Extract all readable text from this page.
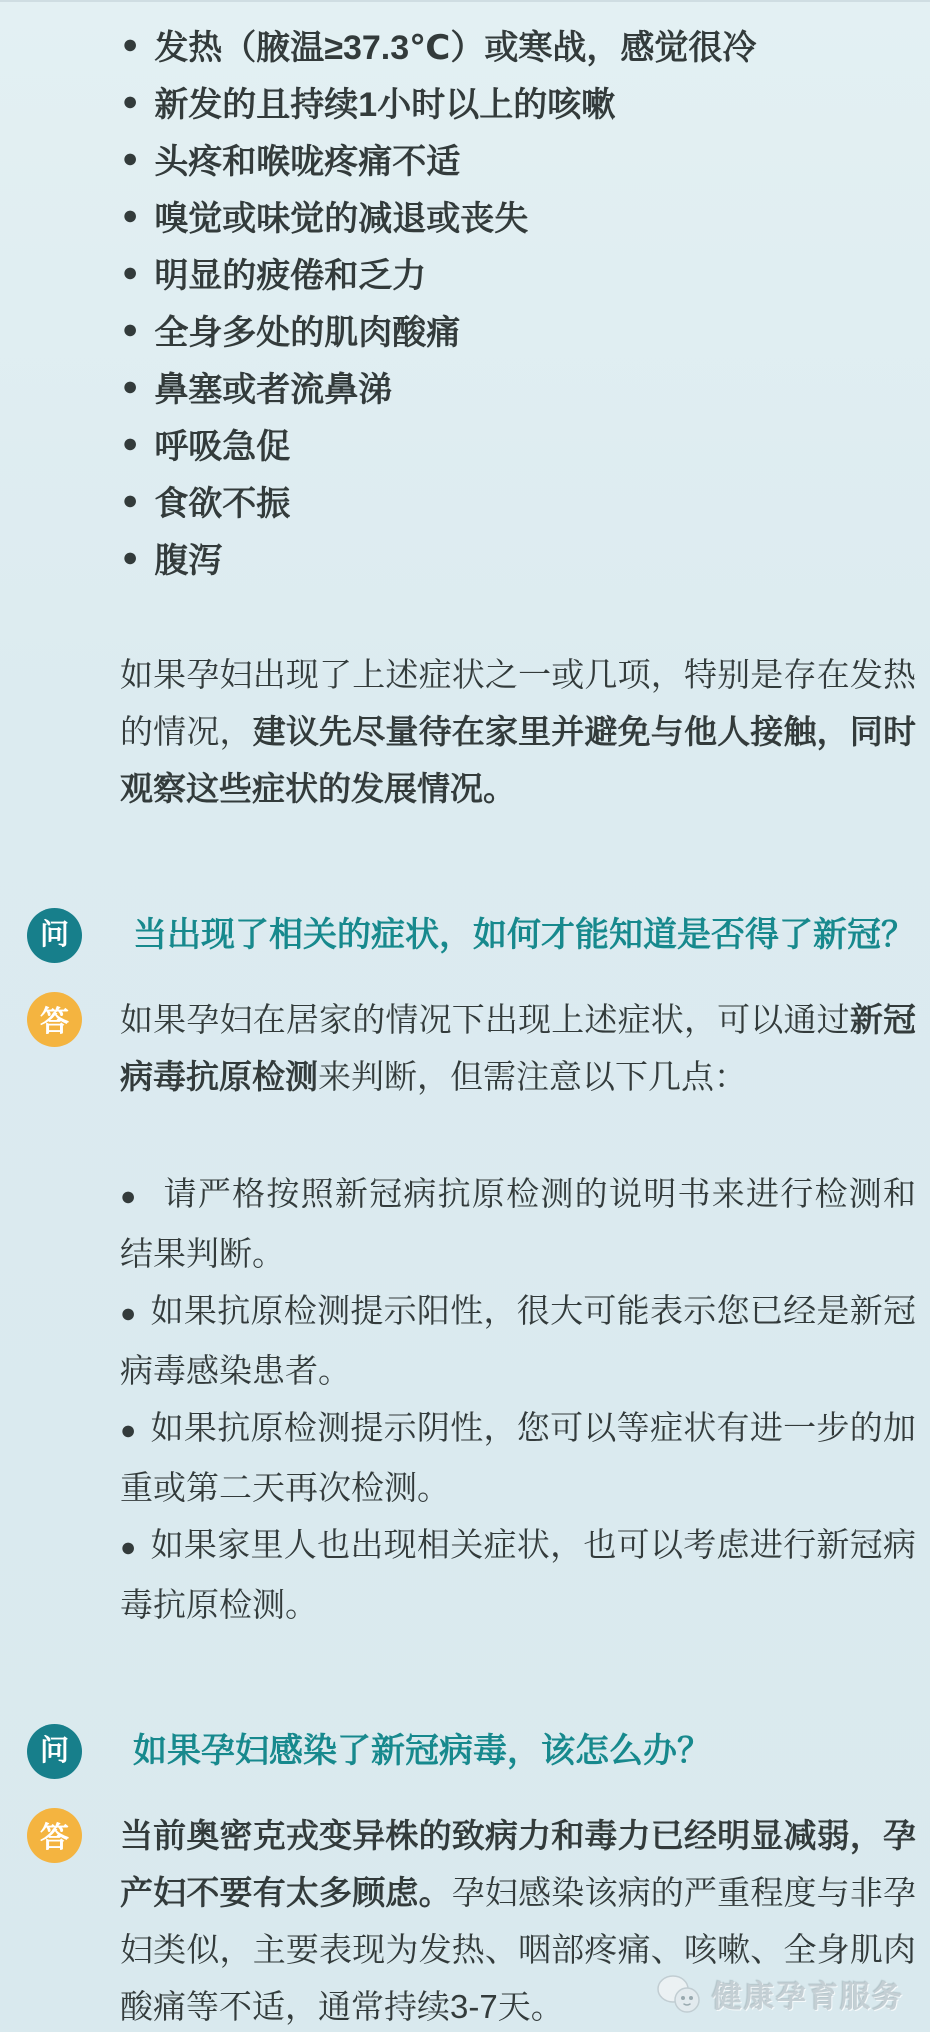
● 发热（腋温≥37.3℃）或寒战，感觉很冷
● 新发的且持续1小时以上的咳嗽
● 头疼和喉咙疼痛不适
● 嗅觉或味觉的减退或丧失
● 明显的疲倦和乏力
● 全身多处的肌肉酸痛
● 鼻塞或者流鼻涕
● 呼吸急促
● 食欲不振
● 腹泻

如果孕妇出现了上述症状之一或几项，特别是存在发热的情况，建议先尽量待在家里并避免与他人接触，同时观察这些症状的发展情况。

问	当出现了相关的症状，如何才能知道是否得了新冠？
答	如果孕妇在居家的情况下出现上述症状，可以通过新冠病毒抗原检测来判断，但需注意以下几点：

● 请严格按照新冠病抗原检测的说明书来进行检测和结果判断。

● 如果抗原检测提示阳性，很大可能表示您已经是新冠病毒感染患者。

● 如果抗原检测提示阴性，您可以等症状有进一步的加重或第二天再次检测。

● 如果家里人也出现相关症状，也可以考虑进行新冠病毒抗原检测。

问	如果孕妇感染了新冠病毒，该怎么办？
答	当前奥密克戎变异株的致病力和毒力已经明显减弱，孕产妇不要有太多顾虑。孕妇感染该病的严重程度与非孕妇类似，主要表现为发热、咽部疼痛、咳嗽、全身肌肉酸痛等不适，通常持续3-7天。	健康孕育服务
